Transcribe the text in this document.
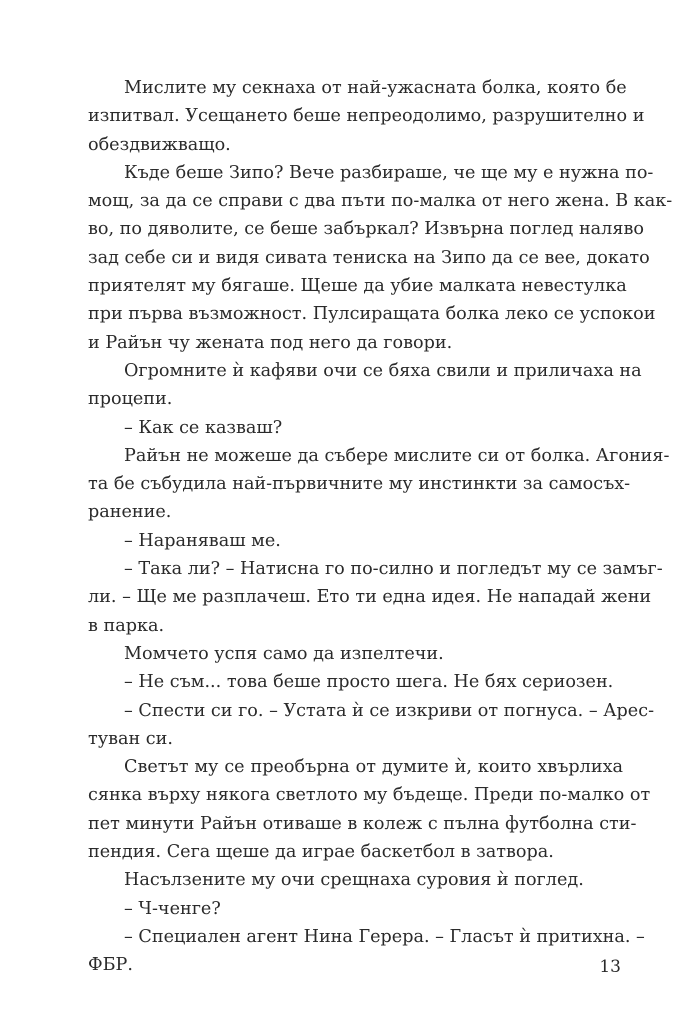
Мислите му секнаха от най-ужасната болка, която бе
изпитвал. Усещането беше непреодолимо, разрушително и
обездвижващо.
Къде беше Зипо? Вече разбираше, че ще му е нужна по-
мощ, за да се справи с два пъти по-малка от него жена. В как-
во, по дяволите, се беше забъркал? Извърна поглед наляво
зад себе си и видя сивата тениска на Зипо да се вее, докато
приятелят му бягаше. Щеше да убие малката невестулка
при първа възможност. Пулсиращата болка леко се успокои
и Райън чу жената под него да говори.
Огромните ѝ кафяви очи се бяха свили и приличаха на
процепи.
– Как се казваш?
Райън не можеше да събере мислите си от болка. Агония-
та бе събудила най-първичните му инстинкти за самосъх-
ранение.
– Нараняваш ме.
– Така ли? – Натисна го по-силно и погледът му се замъг-
ли. – Ще ме разплачеш. Ето ти една идея. Не нападай жени
в парка.
Момчето успя само да изпелтечи.
– Не съм... това беше просто шега. Не бях сериозен.
– Спести си го. – Устата ѝ се изкриви от погнуса. – Арес-
туван си.
Светът му се преобърна от думите ѝ, които хвърлиха
сянка върху някога светлото му бъдеще. Преди по-малко от
пет минути Райън отиваше в колеж с пълна футболна сти-
пендия. Сега щеше да играе баскетбол в затвора.
Насълзените му очи срещнаха суровия ѝ поглед.
– Ч-ченге?
– Специален агент Нина Герера. – Гласът ѝ притихна. –
ФБР.	13
